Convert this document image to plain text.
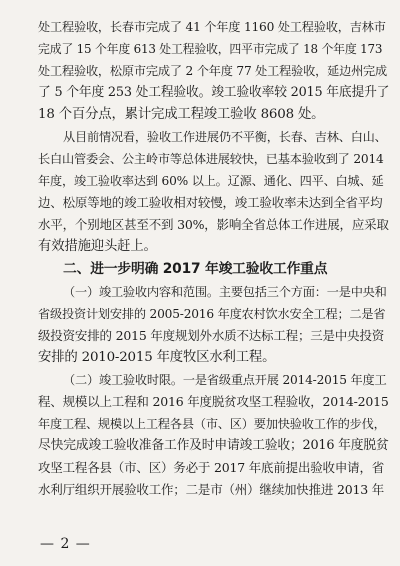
处工程验收，长春市完成了 41 个年度 1160 处工程验收，吉林市
完成了 15 个年度 613 处工程验收，四平市完成了 18 个年度 173
处工程验收，松原市完成了 2 个年度 77 处工程验收，延边州完成
了 5 个年度 253 处工程验收。竣工验收率较 2015 年底提升了
18 个百分点，累计完成工程竣工验收 8608 处。
从目前情况看，验收工作进展仍不平衡，长春、吉林、白山、
长白山管委会、公主岭市等总体进展较快，已基本验收到了 2014
年度，竣工验收率达到 60% 以上。辽源、通化、四平、白城、延
边、松原等地的竣工验收相对较慢，竣工验收率未达到全省平均
水平，个别地区甚至不到 30%，影响全省总体工作进展，应采取
有效措施迎头赶上。
二、进一步明确 2017 年竣工验收工作重点
（一）竣工验收内容和范围。主要包括三个方面：一是中央和
省级投资计划安排的 2005-2016 年度农村饮水安全工程；二是省
级投资安排的 2015 年度规划外水质不达标工程；三是中央投资
安排的 2010-2015 年度牧区水利工程。
（二）竣工验收时限。一是省级重点开展 2014-2015 年度工
程、规模以上工程和 2016 年度脱贫攻坚工程验收，2014-2015
年度工程、规模以上工程各县（市、区）要加快验收工作的步伐，
尽快完成竣工验收准备工作及时申请竣工验收；2016 年度脱贫
攻坚工程各县（市、区）务必于 2017 年底前提出验收申请，省
水利厅组织开展验收工作；二是市（州）继续加快推进 2013 年
— 2 —
